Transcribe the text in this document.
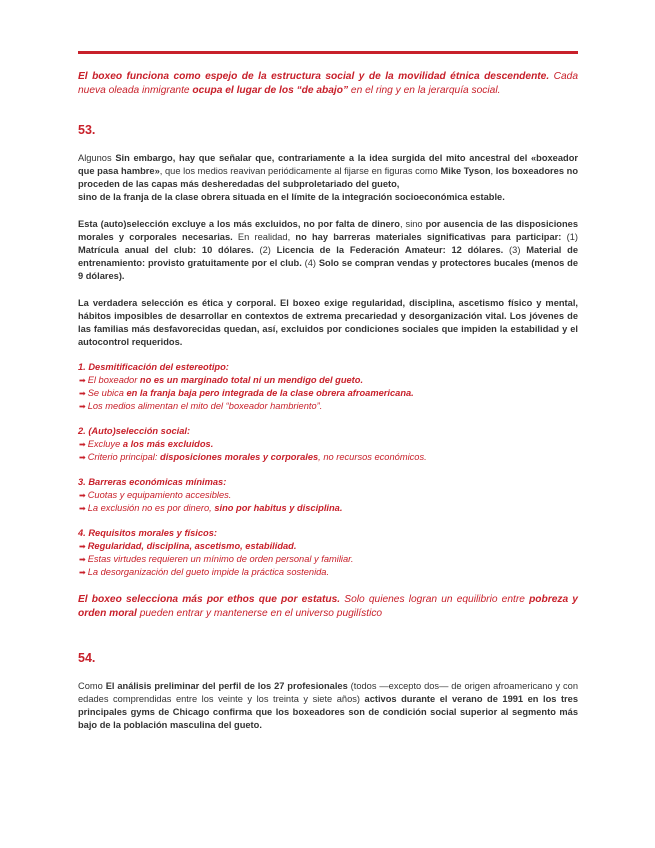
El boxeo funciona como espejo de la estructura social y de la movilidad étnica descendente. Cada nueva oleada inmigrante ocupa el lugar de los “de abajo” en el ring y en la jerarquía social.

53.

Algunos Sin embargo, hay que señalar que, contrariamente a la idea surgida del mito ancestral del «boxeador que pasa hambre», que los medios reavivan periódicamente al fijarse en figuras como Mike Tyson, los boxeadores no proceden de las capas más desheredadas del subproletariado del gueto,
sino de la franja de la clase obrera situada en el límite de la integración socioeconómica estable.

Esta (auto)selección excluye a los más excluidos, no por falta de dinero, sino por ausencia de las disposiciones morales y corporales necesarias. En realidad, no hay barreras materiales significativas para participar: (1) Matrícula anual del club: 10 dólares. (2) Licencia de la Federación Amateur: 12 dólares. (3) Material de entrenamiento: provisto gratuitamente por el club. (4) Solo se compran vendas y protectores bucales (menos de 9 dólares).

La verdadera selección es ética y corporal. El boxeo exige regularidad, disciplina, ascetismo físico y mental, hábitos imposibles de desarrollar en contextos de extrema precariedad y desorganización vital. Los jóvenes de las familias más desfavorecidas quedan, así, excluidos por condiciones sociales que impiden la estabilidad y el autocontrol requeridos.

1. Desmitificación del estereotipo:
➡ El boxeador no es un marginado total ni un mendigo del gueto.
➡ Se ubica en la franja baja pero integrada de la clase obrera afroamericana.
➡ Los medios alimentan el mito del “boxeador hambriento”.
2. (Auto)selección social:
➡ Excluye a los más excluidos.
➡ Criterio principal: disposiciones morales y corporales, no recursos económicos.
3. Barreras económicas mínimas:
➡ Cuotas y equipamiento accesibles.
➡ La exclusión no es por dinero, sino por habitus y disciplina.
4. Requisitos morales y físicos:
➡ Regularidad, disciplina, ascetismo, estabilidad.
➡ Estas virtudes requieren un mínimo de orden personal y familiar.
➡ La desorganización del gueto impide la práctica sostenida.

El boxeo selecciona más por ethos que por estatus. Solo quienes logran un equilibrio entre pobreza y orden moral pueden entrar y mantenerse en el universo pugilístico

54.

Como El análisis preliminar del perfil de los 27 profesionales (todos —excepto dos— de origen afroamericano y con edades comprendidas entre los veinte y los treinta y siete años) activos durante el verano de 1991 en los tres principales gyms de Chicago confirma que los boxeadores son de condición social superior al segmento más bajo de la población masculina del gueto.
